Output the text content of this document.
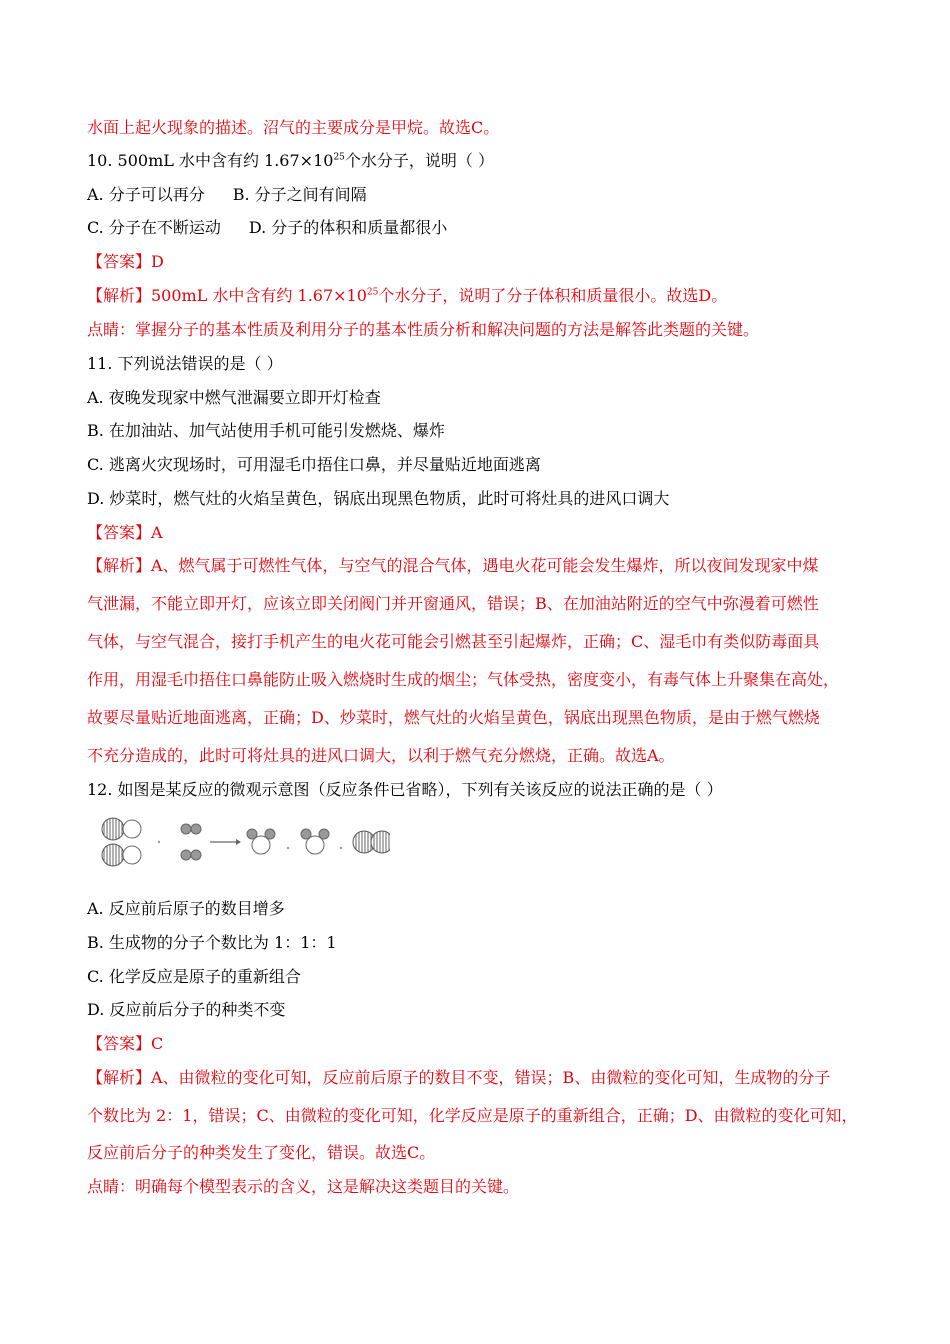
水面上起火现象的描述。沼气的主要成分是甲烷。故选C。
10. 500mL 水中含有约 $1.67\times 10^{25}$个水分子，说明（ ）
A. 分子可以再分 B. 分子之间有间隔
C. 分子在不断运动 D. 分子的体积和质量都很小
【答案】D
【解析】500mL 水中含有约 $1.67\times 10^{25}$个水分子，说明了分子体积和质量很小。故选D。
点睛：掌握分子的基本性质及利用分子的基本性质分析和解决问题的方法是解答此类题的关键。
11. 下列说法错误的是（ ）
A. 夜晚发现家中燃气泄漏要立即开灯检查
B. 在加油站、加气站使用手机可能引发燃烧、爆炸
C. 逃离火灾现场时，可用湿毛巾捂住口鼻，并尽量贴近地面逃离
D. 炒菜时，燃气灶的火焰呈黄色，锅底出现黑色物质，此时可将灶具的进风口调大
【答案】A
【解析】A、燃气属于可燃性气体，与空气的混合气体，遇电火花可能会发生爆炸，所以夜间发现家中煤
气泄漏，不能立即开灯，应该立即关闭阀门并开窗通风，错误；B、在加油站附近的空气中弥漫着可燃性
气体，与空气混合，接打手机产生的电火花可能会引燃甚至引起爆炸，正确；C、湿毛巾有类似防毒面具
作用，用湿毛巾捂住口鼻能防止吸入燃烧时生成的烟尘；气体受热，密度变小，有毒气体上升聚集在高处，
故要尽量贴近地面逃离，正确；D、炒菜时，燃气灶的火焰呈黄色，锅底出现黑色物质，是由于燃气燃烧
不充分造成的，此时可将灶具的进风口调大，以利于燃气充分燃烧，正确。故选A。
12. 如图是某反应的微观示意图（反应条件已省略），下列有关该反应的说法正确的是（ ）
A. 反应前后原子的数目增多
B. 生成物的分子个数比为 1：1：1
C. 化学反应是原子的重新组合
D. 反应前后分子的种类不变
【答案】C
【解析】A、由微粒的变化可知，反应前后原子的数目不变，错误；B、由微粒的变化可知，生成物的分子
个数比为 2：1，错误；C、由微粒的变化可知，化学反应是原子的重新组合，正确；D、由微粒的变化可知，
反应前后分子的种类发生了变化，错误。故选C。
点睛：明确每个模型表示的含义，这是解决这类题目的关键。
